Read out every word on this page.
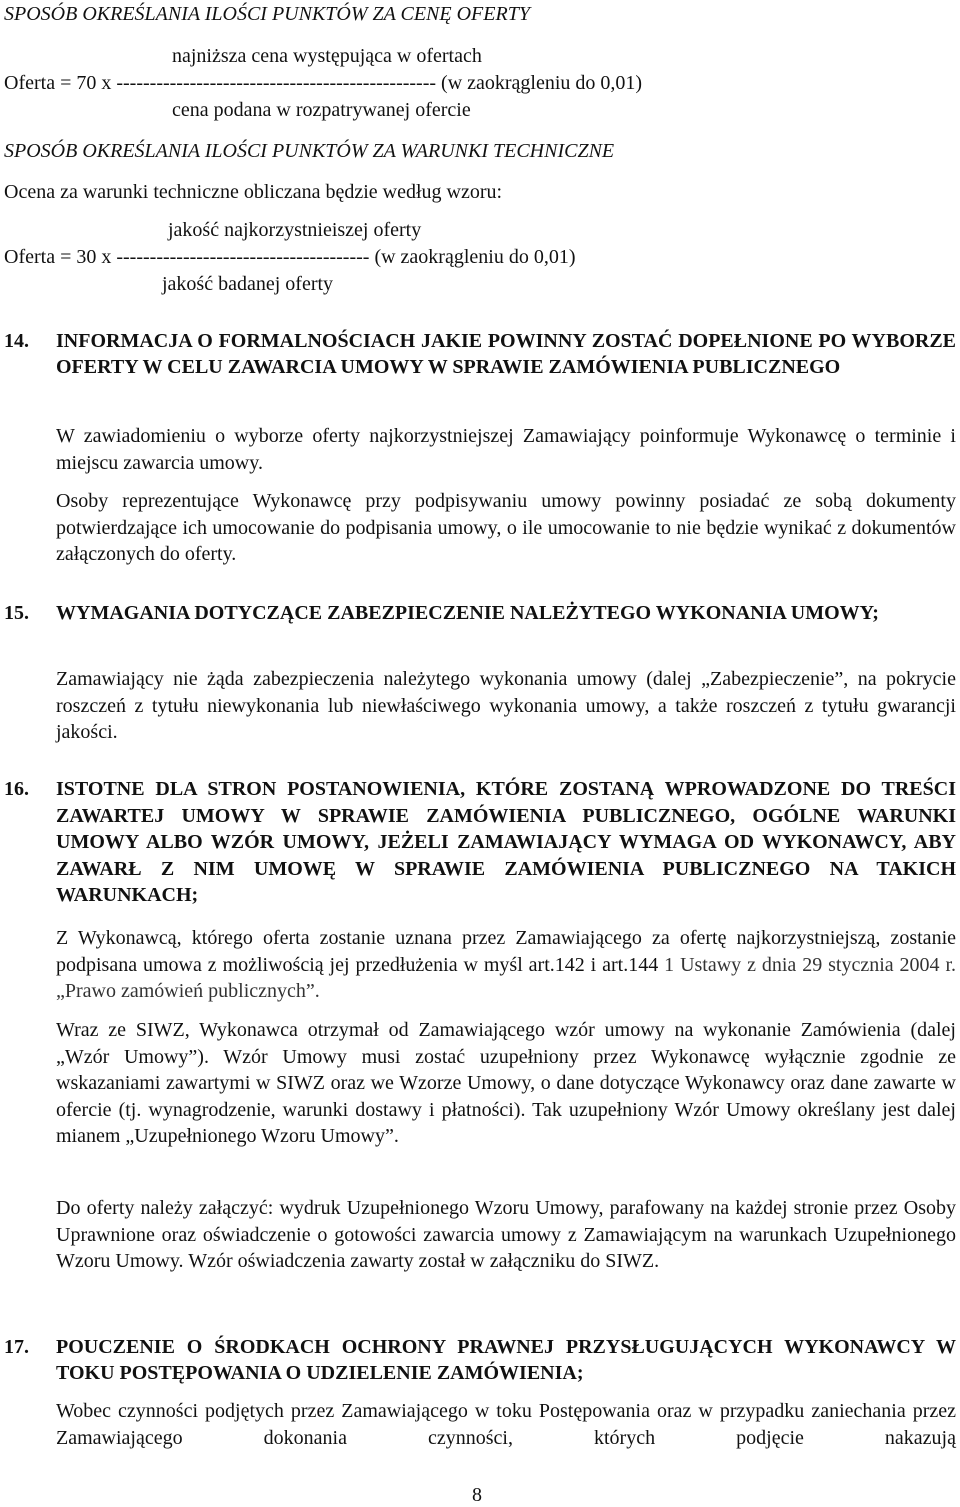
SPOSÓB OKREŚLANIA ILOŚCI PUNKTÓW ZA CENĘ OFERTY
najniższa cena występująca w ofertach
Oferta = 70 x ------------------------------------------------ (w zaokrągleniu do 0,01)
cena podana w rozpatrywanej ofercie
SPOSÓB OKREŚLANIA ILOŚCI PUNKTÓW ZA WARUNKI TECHNICZNE
Ocena za warunki techniczne obliczana będzie według wzoru:
jakość najkorzystnieiszej oferty
Oferta = 30 x -------------------------------------- (w zaokrągleniu do 0,01)
jakość badanej oferty
14. INFORMACJA O FORMALNOŚCIACH JAKIE POWINNY ZOSTAĆ DOPEŁNIONE PO WYBORZE OFERTY W CELU ZAWARCIA UMOWY W SPRAWIE ZAMÓWIENIA PUBLICZNEGO
W zawiadomieniu o wyborze oferty najkorzystniejszej Zamawiający poinformuje Wykonawcę o terminie i miejscu zawarcia umowy.
Osoby reprezentujące Wykonawcę przy podpisywaniu umowy powinny posiadać ze sobą dokumenty potwierdzające ich umocowanie do podpisania umowy, o ile umocowanie to nie będzie wynikać z dokumentów załączonych do oferty.
15. WYMAGANIA DOTYCZĄCE ZABEZPIECZENIE NALEŻYTEGO WYKONANIA UMOWY;
Zamawiający nie żąda zabezpieczenia należytego wykonania umowy (dalej „Zabezpieczenie”, na pokrycie roszczeń z tytułu niewykonania lub niewłaściwego wykonania umowy, a także roszczeń z tytułu gwarancji jakości.
16. ISTOTNE DLA STRON POSTANOWIENIA, KTÓRE ZOSTANĄ WPROWADZONE DO TREŚCI ZAWARTEJ UMOWY W SPRAWIE ZAMÓWIENIA PUBLICZNEGO, OGÓLNE WARUNKI UMOWY ALBO WZÓR UMOWY, JEŻELI ZAMAWIAJĄCY WYMAGA OD WYKONAWCY, ABY ZAWARŁ Z NIM UMOWĘ W SPRAWIE ZAMÓWIENIA PUBLICZNEGO NA TAKICH WARUNKACH;
Z Wykonawcą, którego oferta zostanie uznana przez Zamawiającego za ofertę najkorzystniejszą, zostanie podpisana umowa z możliwością jej przedłużenia w myśl art.142 i art.144 1 Ustawy z dnia 29 stycznia 2004 r. „Prawo zamówień publicznych”.
Wraz ze SIWZ, Wykonawca otrzymał od Zamawiającego wzór umowy na wykonanie Zamówienia (dalej „Wzór Umowy”). Wzór Umowy musi zostać uzupełniony przez Wykonawcę wyłącznie zgodnie ze wskazaniami zawartymi w SIWZ oraz we Wzorze Umowy, o dane dotyczące Wykonawcy oraz dane zawarte w ofercie (tj. wynagrodzenie, warunki dostawy i płatności). Tak uzupełniony Wzór Umowy określany jest dalej mianem „Uzupełnionego Wzoru Umowy”.
Do oferty należy załączyć: wydruk Uzupełnionego Wzoru Umowy, parafowany na każdej stronie przez Osoby Uprawnione oraz oświadczenie o gotowości zawarcia umowy z Zamawiającym na warunkach Uzupełnionego Wzoru Umowy. Wzór oświadczenia zawarty został w załączniku do SIWZ.
17. POUCZENIE O ŚRODKACH OCHRONY PRAWNEJ PRZYSŁUGUJĄCYCH WYKONAWCY W TOKU POSTĘPOWANIA O UDZIELENIE ZAMÓWIENIA;
Wobec czynności podjętych przez Zamawiającego w toku Postępowania oraz w przypadku zaniechania przez Zamawiającego dokonania czynności, których podjęcie nakazują
8
